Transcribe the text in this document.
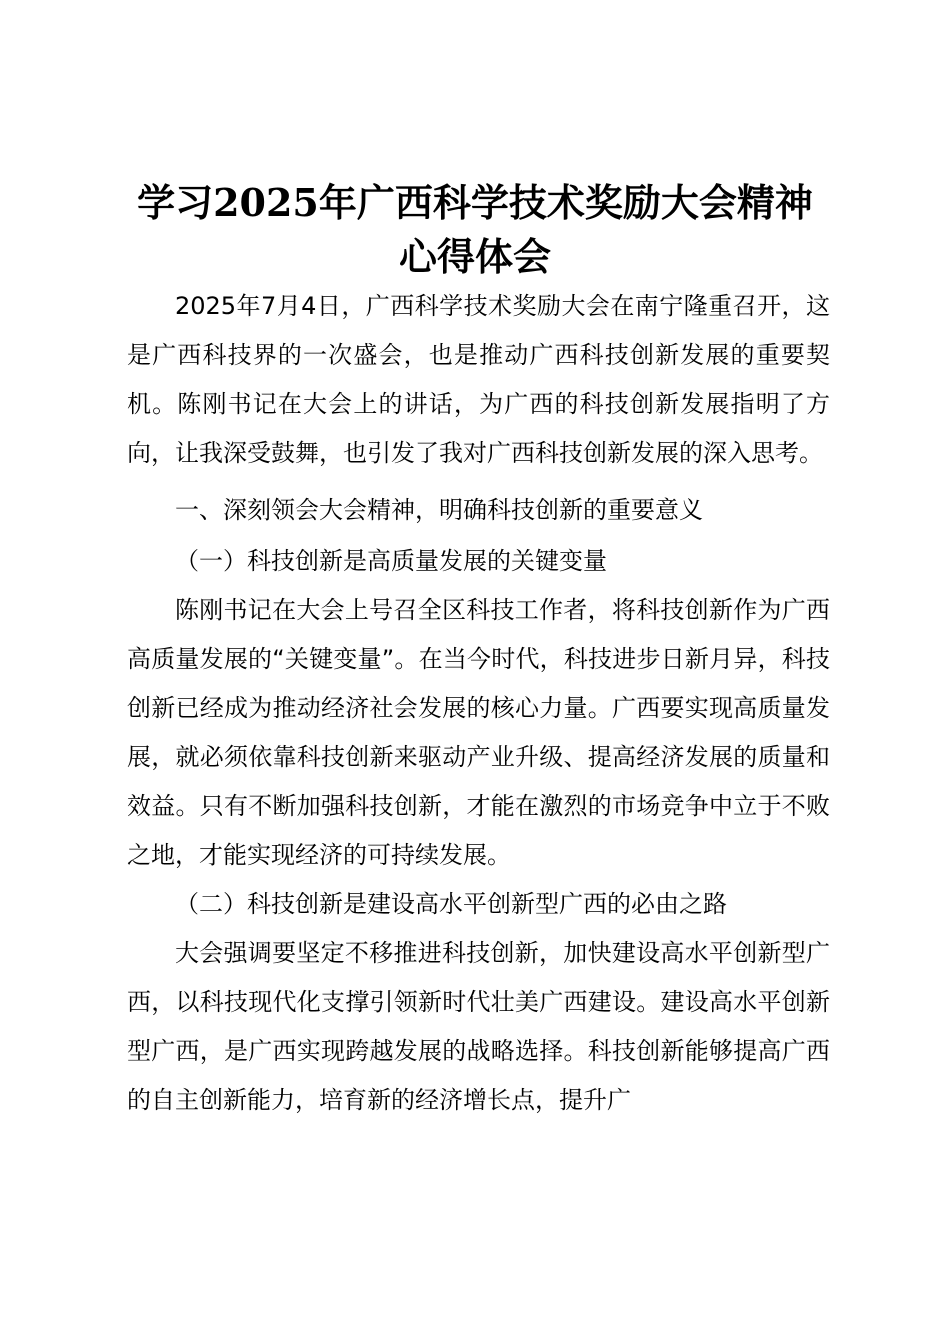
学习2025年广西科学技术奖励大会精神心得体会

2025年7月4日，广西科学技术奖励大会在南宁隆重召开，这是广西科技界的一次盛会，也是推动广西科技创新发展的重要契机。陈刚书记在大会上的讲话，为广西的科技创新发展指明了方向，让我深受鼓舞，也引发了我对广西科技创新发展的深入思考。

一、深刻领会大会精神，明确科技创新的重要意义
（一）科技创新是高质量发展的关键变量

陈刚书记在大会上号召全区科技工作者，将科技创新作为广西高质量发展的“关键变量”。在当今时代，科技进步日新月异，科技创新已经成为推动经济社会发展的核心力量。广西要实现高质量发展，就必须依靠科技创新来驱动产业升级、提高经济发展的质量和效益。只有不断加强科技创新，才能在激烈的市场竞争中立于不败之地，才能实现经济的可持续发展。

（二）科技创新是建设高水平创新型广西的必由之路

大会强调要坚定不移推进科技创新，加快建设高水平创新型广西，以科技现代化支撑引领新时代壮美广西建设。建设高水平创新型广西，是广西实现跨越发展的战略选择。科技创新能够提高广西的自主创新能力，培育新的经济增长点，提升广
